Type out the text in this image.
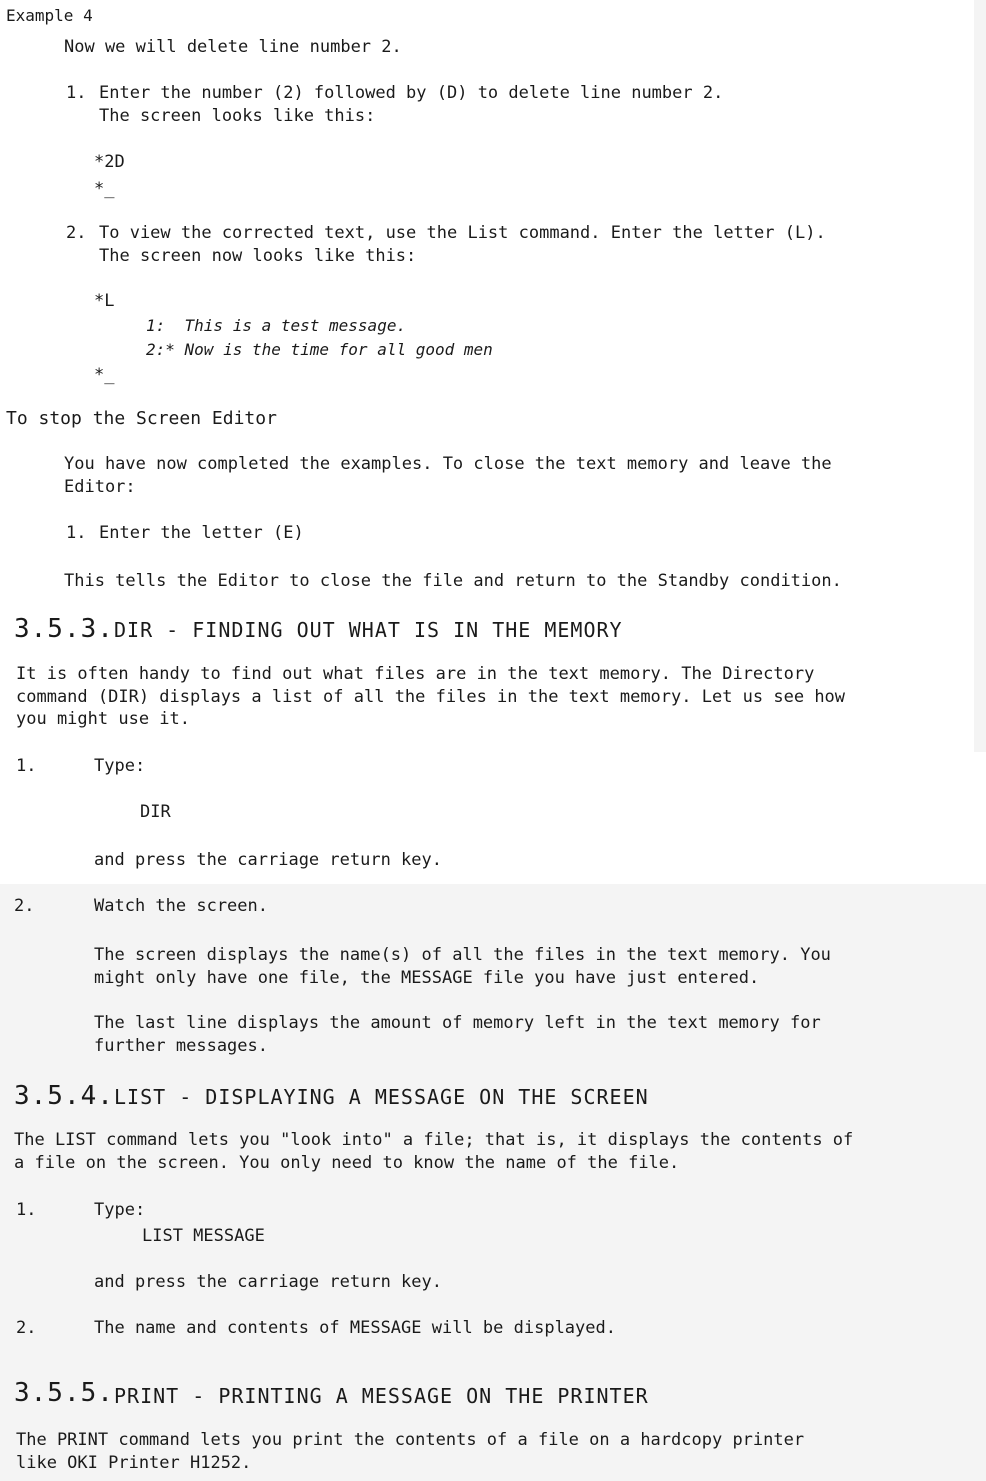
Example 4

Now we will delete line number 2.

1. Enter the number (2) followed by (D) to delete line number 2.

The screen looks like this:

*2D

*_

2. To view the corrected text, use the List command. Enter the letter (L).

The screen now looks like this:

*L

1:  This is a test message.

2:* Now is the time for all good men

*_

To stop the Screen Editor

You have now completed the examples. To close the text memory and leave the

Editor:

1. Enter the letter (E)

This tells the Editor to close the file and return to the Standby condition.

3.5.3. DIR - FINDING OUT WHAT IS IN THE MEMORY

It is often handy to find out what files are in the text memory. The Directory

command (DIR) displays a list of all the files in the text memory. Let us see how

you might use it.

1.	Type:

DIR

and press the carriage return key.

2.	Watch the screen.

The screen displays the name(s) of all the files in the text memory. You

might only have one file, the MESSAGE file you have just entered.

The last line displays the amount of memory left in the text memory for

further messages.

3.5.4. LIST - DISPLAYING A MESSAGE ON THE SCREEN

The LIST command lets you "look into" a file; that is, it displays the contents of

a file on the screen. You only need to know the name of the file.

1.	Type:

LIST MESSAGE

and press the carriage return key.

2.	The name and contents of MESSAGE will be displayed.

3.5.5. PRINT - PRINTING A MESSAGE ON THE PRINTER

The PRINT command lets you print the contents of a file on a hardcopy printer

like OKI Printer H1252.
